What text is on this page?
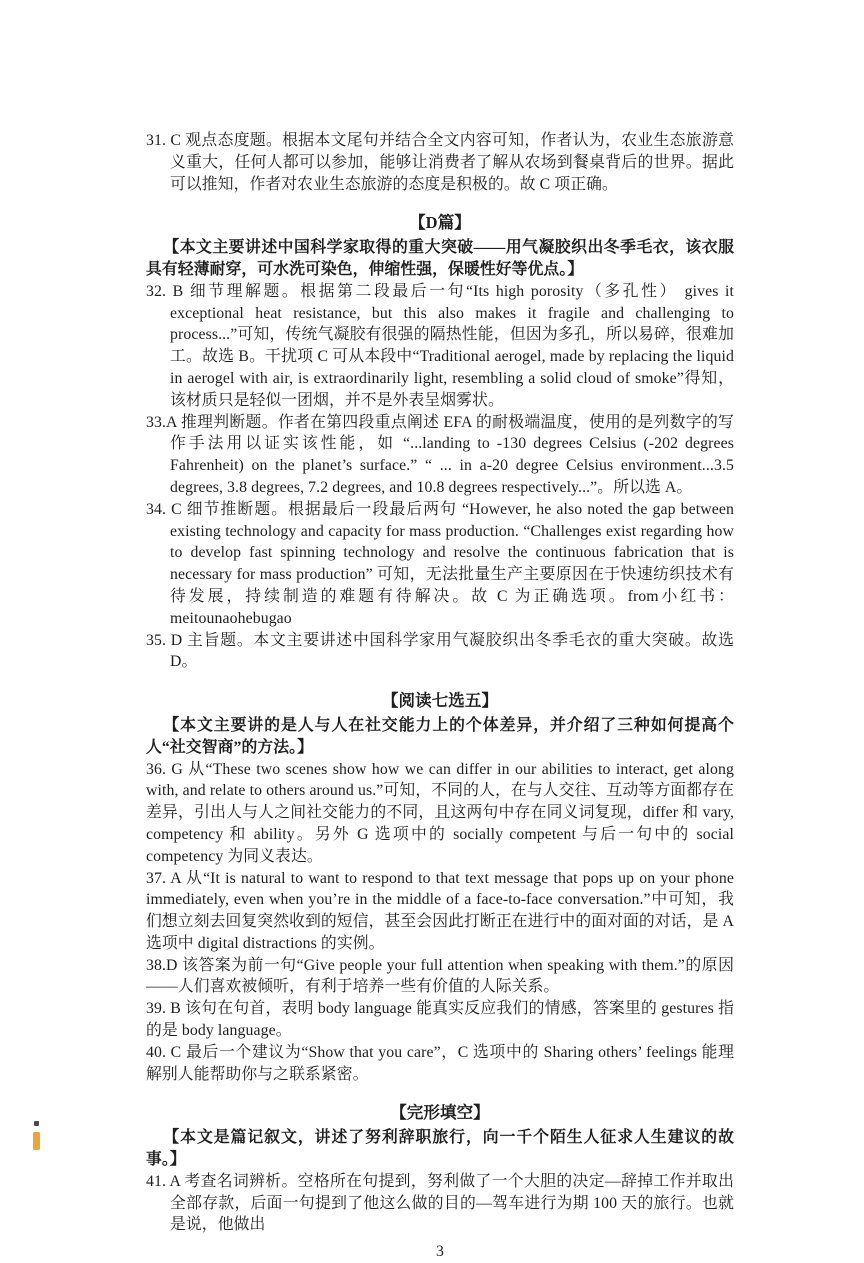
31. C 观点态度题。根据本文尾句并结合全文内容可知，作者认为，农业生态旅游意义重大，任何人都可以参加，能够让消费者了解从农场到餐桌背后的世界。据此可以推知，作者对农业生态旅游的态度是积极的。故 C 项正确。
【D篇】
【本文主要讲述中国科学家取得的重大突破——用气凝胶织出冬季毛衣，该衣服具有轻薄耐穿，可水洗可染色，伸缩性强，保暖性好等优点。】
32. B 细节理解题。根据第二段最后一句“Its high porosity（多孔性） gives it exceptional heat resistance, but this also makes it fragile and challenging to process...”可知，传统气凝胶有很强的隔热性能，但因为多孔，所以易碎，很难加工。故选 B。干扰项 C 可从本段中“Traditional aerogel, made by replacing the liquid in aerogel with air, is extraordinarily light, resembling a solid cloud of smoke”得知，该材质只是轻似一团烟，并不是外表呈烟雾状。
33.A 推理判断题。作者在第四段重点阐述 EFA 的耐极端温度，使用的是列数字的写作手法用以证实该性能，如 “...landing to -130 degrees Celsius (-202 degrees Fahrenheit) on the planet’s surface.” “ ... in a-20 degree Celsius environment...3.5 degrees, 3.8 degrees, 7.2 degrees, and 10.8 degrees respectively...”。所以选 A。
34. C 细节推断题。根据最后一段最后两句 “However, he also noted the gap between existing technology and capacity for mass production. “Challenges exist regarding how to develop fast spinning technology and resolve the continuous fabrication that is necessary for mass production” 可知，无法批量生产主要原因在于快速纺织技术有待发展，持续制造的难题有待解决。故 C 为正确选项。from小红书：meitounaohebugao
35. D 主旨题。本文主要讲述中国科学家用气凝胶织出冬季毛衣的重大突破。故选 D。
【阅读七选五】
【本文主要讲的是人与人在社交能力上的个体差异，并介绍了三种如何提高个人“社交智商”的方法。】
36. G 从“These two scenes show how we can differ in our abilities to interact, get along with, and relate to others around us.”可知，不同的人，在与人交往、互动等方面都存在差异，引出人与人之间社交能力的不同，且这两句中存在同义词复现，differ 和 vary, competency 和 ability。另外 G 选项中的 socially competent 与后一句中的 social competency 为同义表达。
37. A 从“It is natural to want to respond to that text message that pops up on your phone immediately, even when you’re in the middle of a face-to-face conversation.”中可知，我们想立刻去回复突然收到的短信，甚至会因此打断正在进行中的面对面的对话，是 A 选项中 digital distractions 的实例。
38.D 该答案为前一句“Give people your full attention when speaking with them.”的原因——人们喜欢被倾听，有利于培养一些有价值的人际关系。
39. B 该句在句首，表明 body language 能真实反应我们的情感，答案里的 gestures 指的是 body language。
40. C 最后一个建议为“Show that you care”，C 选项中的 Sharing others’ feelings 能理解别人能帮助你与之联系紧密。
【完形填空】
【本文是篇记叙文，讲述了努利辞职旅行，向一千个陌生人征求人生建议的故事。】
41. A 考查名词辨析。空格所在句提到，努利做了一个大胆的决定—辞掉工作并取出全部存款，后面一句提到了他这么做的目的—驾车进行为期 100 天的旅行。也就是说，他做出
3
